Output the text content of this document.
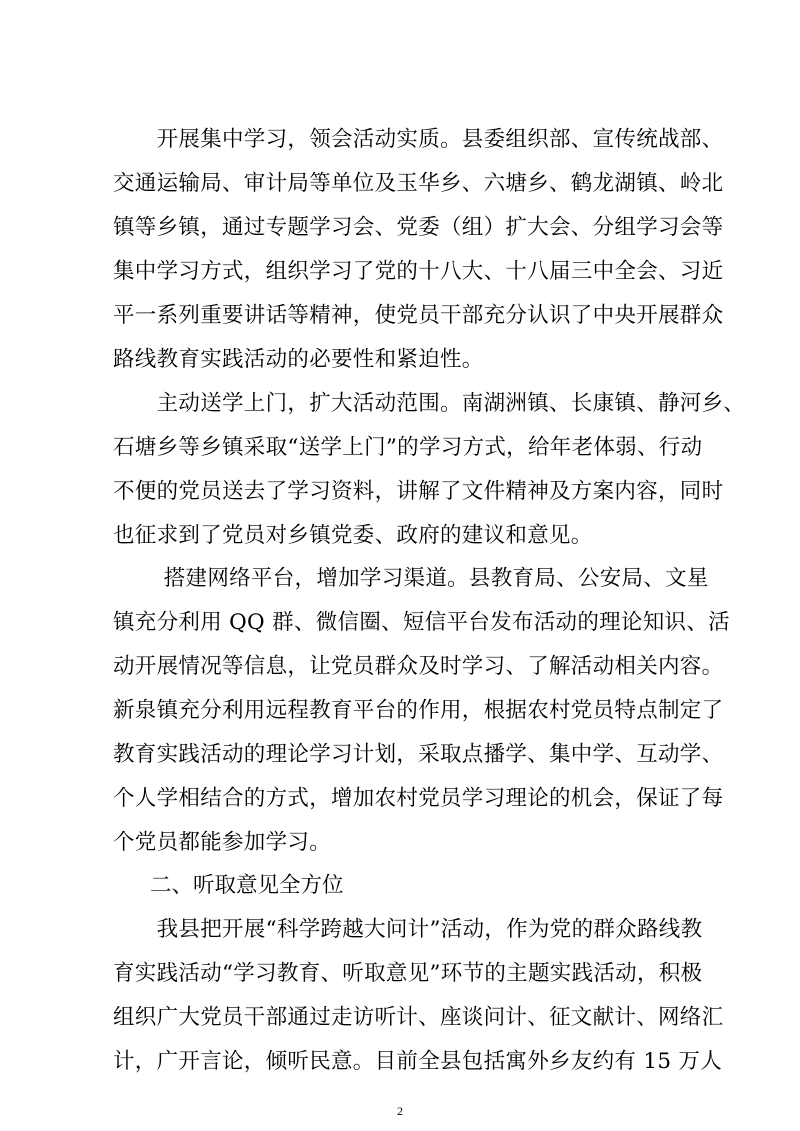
　　开展集中学习，领会活动实质。县委组织部、宣传统战部、
交通运输局、审计局等单位及玉华乡、六塘乡、鹤龙湖镇、岭北
镇等乡镇，通过专题学习会、党委（组）扩大会、分组学习会等
集中学习方式，组织学习了党的十八大、十八届三中全会、习近
平一系列重要讲话等精神，使党员干部充分认识了中央开展群众
路线教育实践活动的必要性和紧迫性。
　　主动送学上门，扩大活动范围。南湖洲镇、长康镇、静河乡、
石塘乡等乡镇采取“送学上门”的学习方式，给年老体弱、行动
不便的党员送去了学习资料，讲解了文件精神及方案内容，同时
也征求到了党员对乡镇党委、政府的建议和意见。
　　 搭建网络平台，增加学习渠道。县教育局、公安局、文星
镇充分利用 QQ 群、微信圈、短信平台发布活动的理论知识、活
动开展情况等信息，让党员群众及时学习、了解活动相关内容。
新泉镇充分利用远程教育平台的作用，根据农村党员特点制定了
教育实践活动的理论学习计划，采取点播学、集中学、互动学、
个人学相结合的方式，增加农村党员学习理论的机会，保证了每
个党员都能参加学习。
二、听取意见全方位
　　我县把开展“科学跨越大问计”活动，作为党的群众路线教
育实践活动“学习教育、听取意见”环节的主题实践活动，积极
组织广大党员干部通过走访听计、座谈问计、征文献计、网络汇
计，广开言论，倾听民意。目前全县包括寓外乡友约有 15 万人
2
